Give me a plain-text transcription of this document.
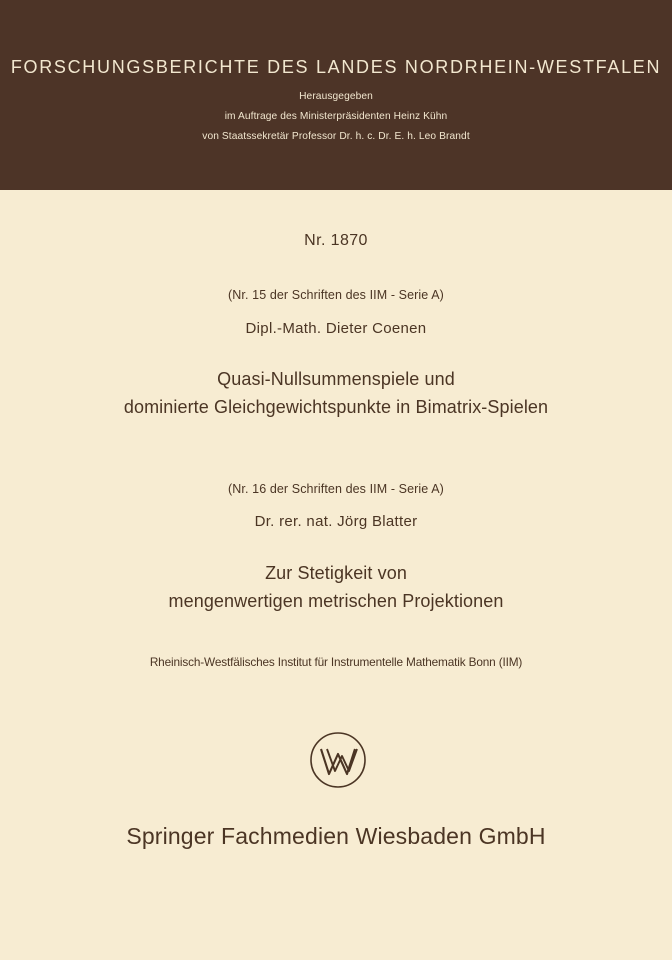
FORSCHUNGSBERICHTE DES LANDES NORDRHEIN-WESTFALEN

Herausgegeben

im Auftrage des Ministerpräsidenten Heinz Kühn

von Staatssekretär Professor Dr. h. c. Dr. E. h. Leo Brandt

Nr. 1870

(Nr. 15 der Schriften des IIM - Serie A)

Dipl.-Math. Dieter Coenen

Quasi-Nullsummenspiele und

dominierte Gleichgewichtspunkte in Bimatrix-Spielen

(Nr. 16 der Schriften des IIM - Serie A)

Dr. rer. nat. Jörg Blatter

Zur Stetigkeit von

mengenwertigen metrischen Projektionen

Rheinisch-Westfälisches Institut für Instrumentelle Mathematik Bonn (IIM)

Springer Fachmedien Wiesbaden GmbH
